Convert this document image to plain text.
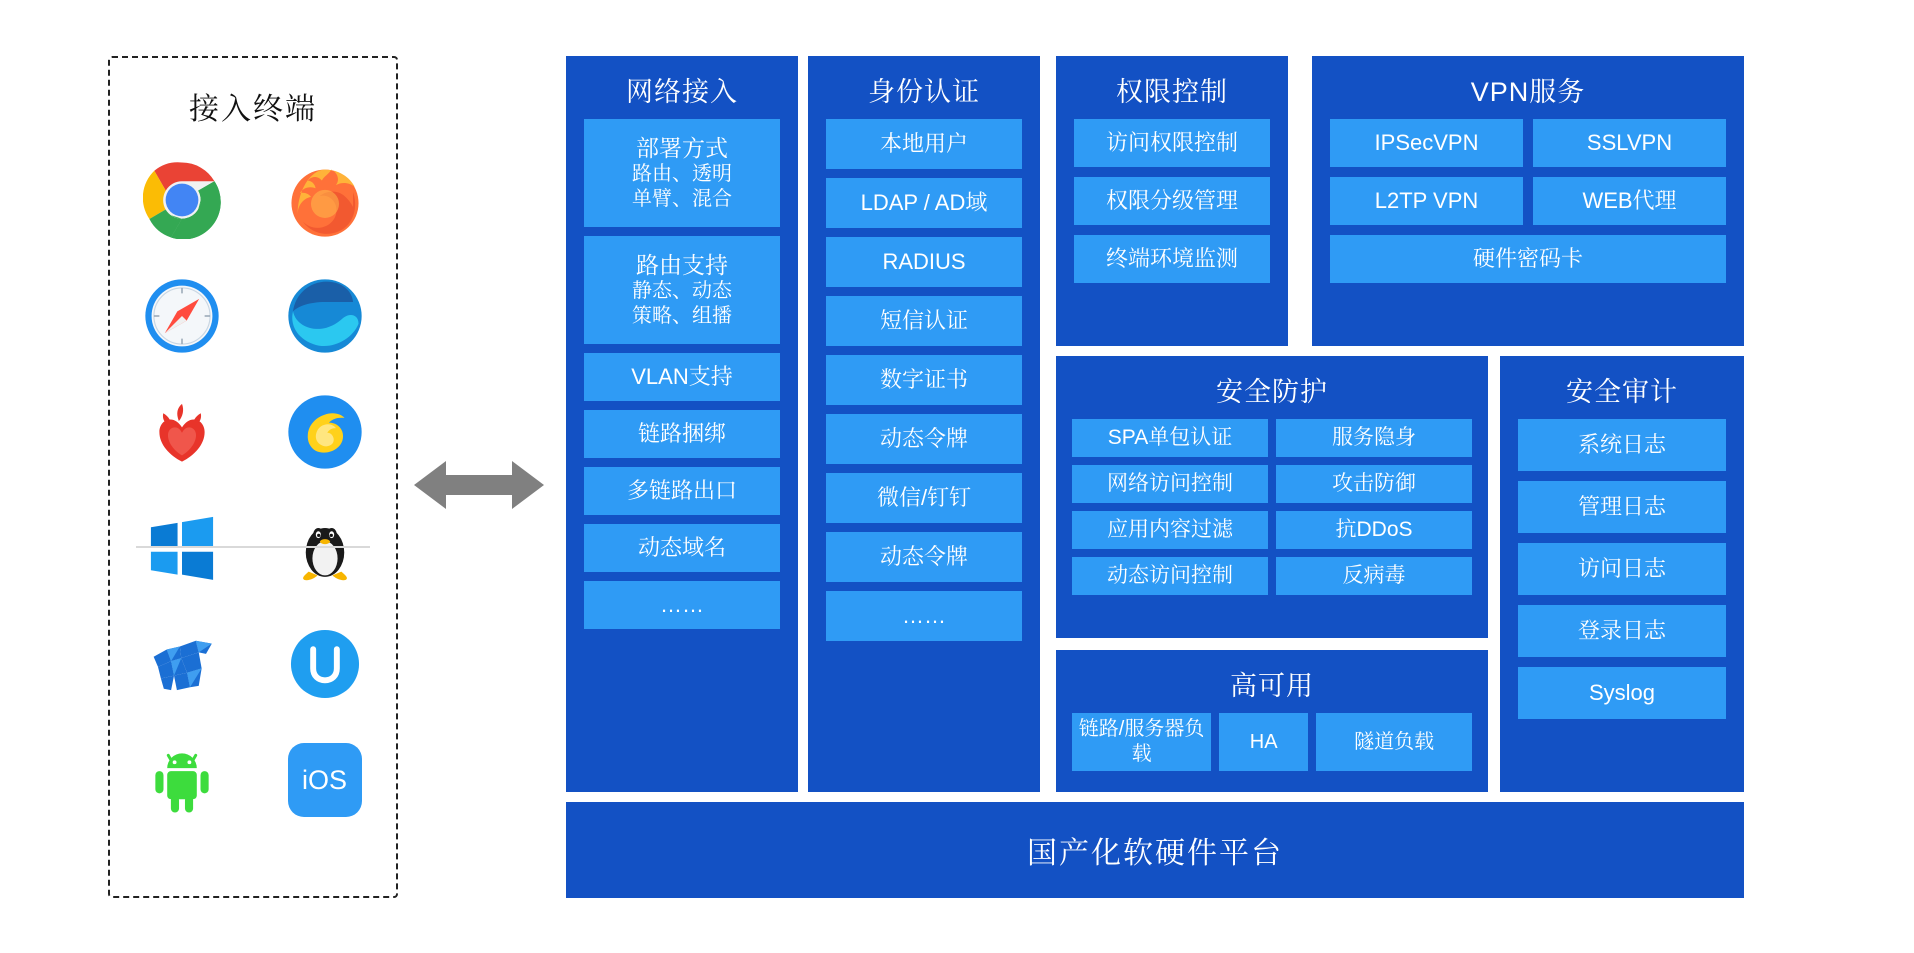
接入终端
iOS
网络接入
部署方式
路由、透明
单臂、混合
路由支持
静态、动态
策略、组播
VLAN支持
链路捆绑
多链路出口
动态域名
……
身份认证
本地用户
LDAP / AD域
RADIUS
短信认证
数字证书
动态令牌
微信/钉钉
动态令牌
……
权限控制
访问权限控制
权限分级管理
终端环境监测
VPN服务
IPSecVPN	SSLVPN
L2TP VPN	WEB代理
硬件密码卡
安全防护
SPA单包认证	服务隐身
网络访问控制	攻击防御
应用内容过滤	抗DDoS
动态访问控制	反病毒
高可用
链路/服务器负载
HA	隧道负载
安全审计
系统日志
管理日志
访问日志
登录日志
Syslog
国产化软硬件平台
